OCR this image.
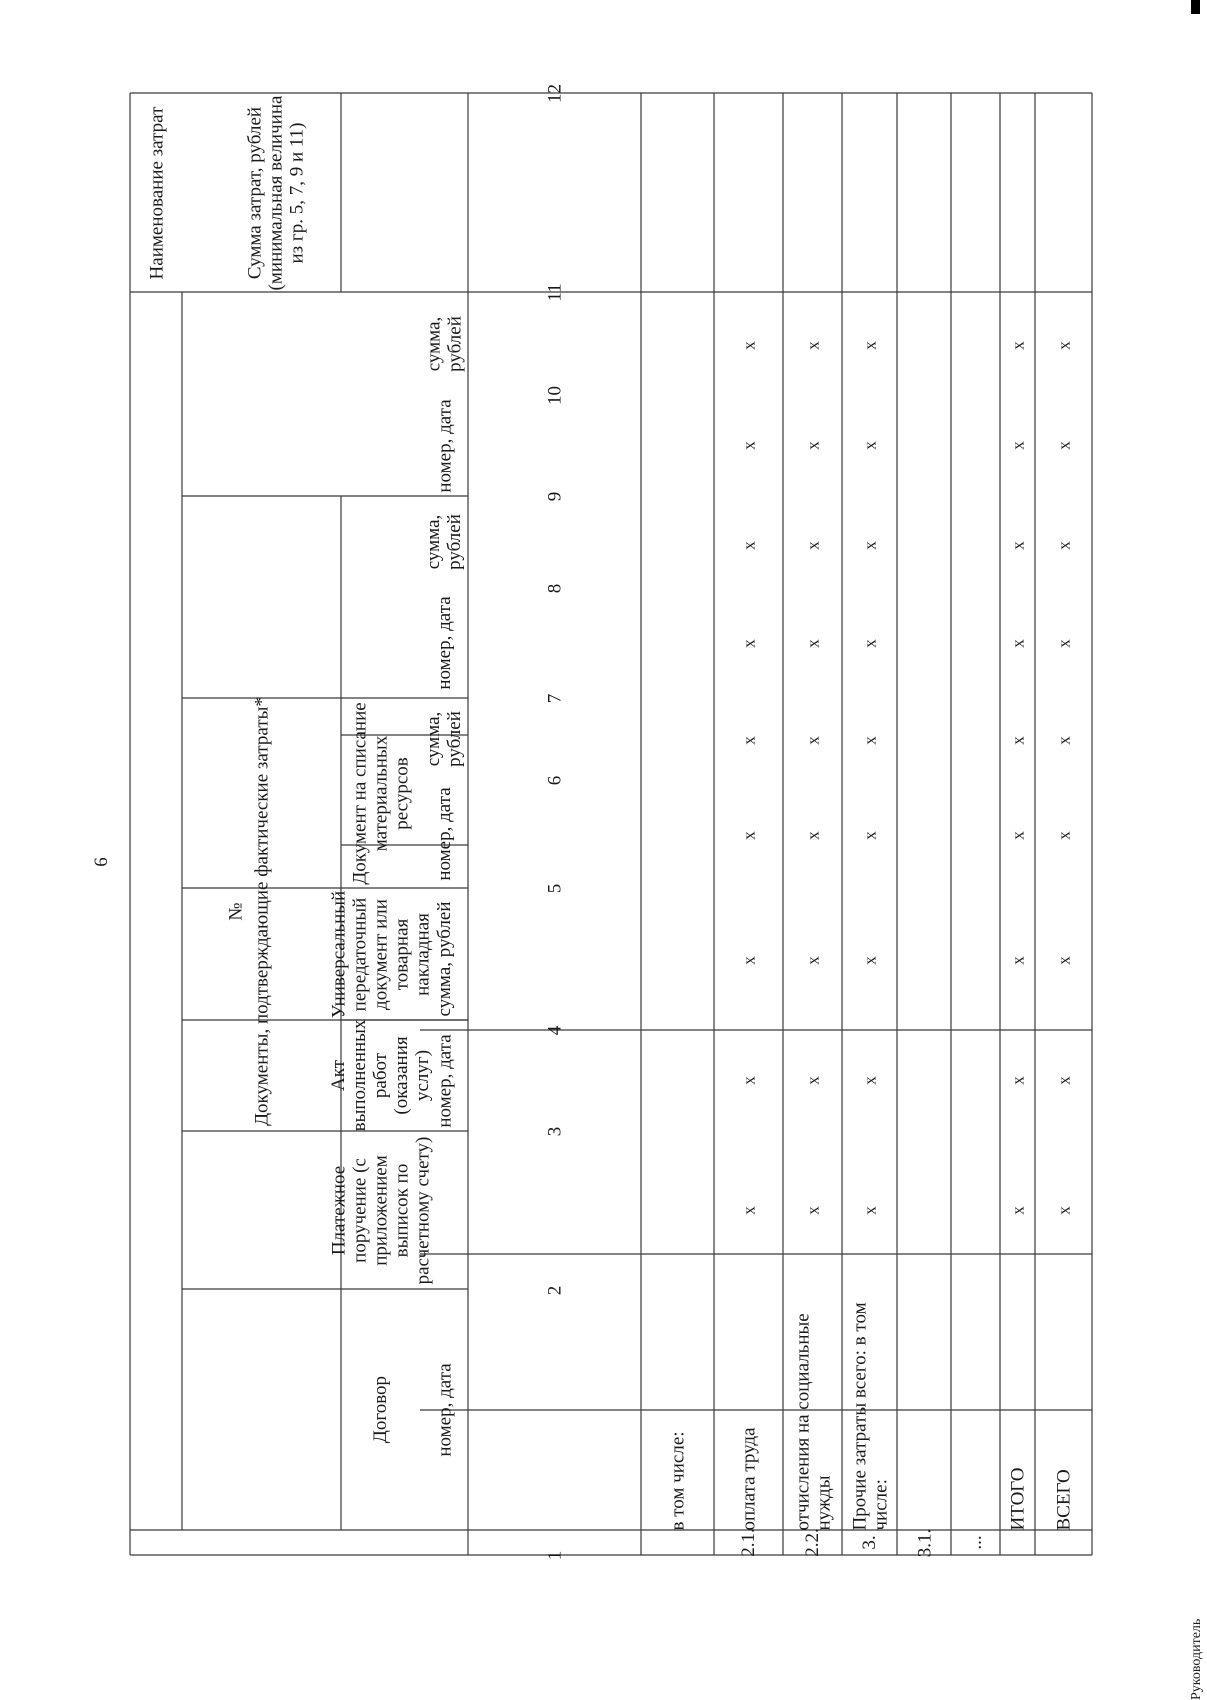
6
№
Наименование затрат
Документы, подтверждающие фактические затраты*
Договор
Платежное поручение (с приложением выписок по расчетному счету)
Акт выполненных работ (оказания услуг)
Универсальный передаточный документ или товарная накладная
Документ на списание материальных ресурсов
Сумма затрат, рублей (минимальная величина из гр. 5, 7, 9 и 11)
номер, дата
номер, дата
сумма, рублей
номер, дата
сумма, рублей
номер, дата
сумма, рублей
номер, дата
сумма, рублей
1
2
3
4
5
6
7
8
9
10
11
12
в том числе:
2.1.
оплата труда
x
x
x
x
x
x
x
x
x
2.2.
отчисления на социальные нужды
x
x
x
x
x
x
x
x
x
3.
Прочие затраты всего: в том числе:
x
x
x
x
x
x
x
x
x
3.1.	...
ИТОГО
x
x
x
x
x
x
x
x
x
ВСЕГО
x
x
x
x
x
x
x
x
x
Руководитель
